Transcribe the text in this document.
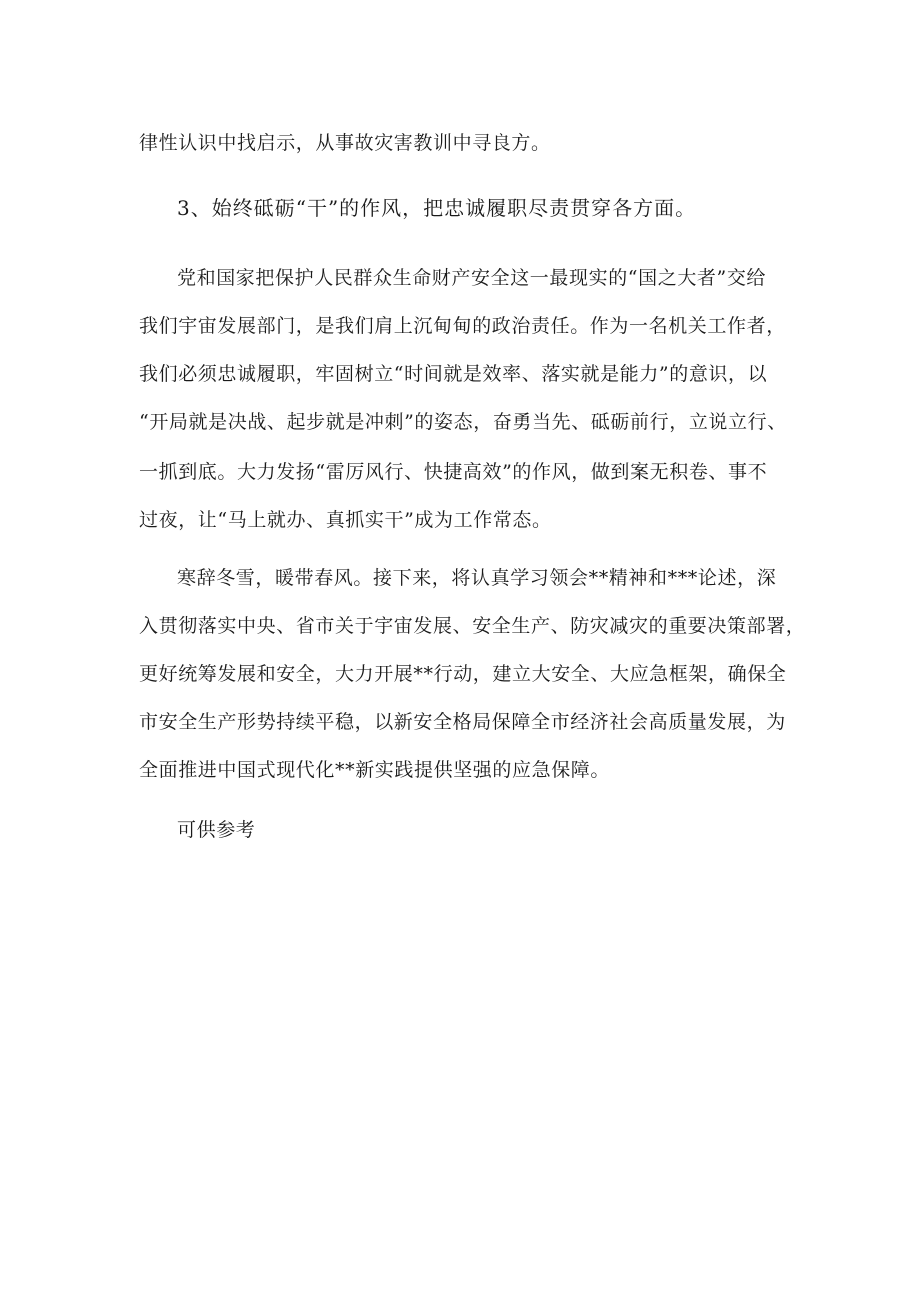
律性认识中找启示，从事故灾害教训中寻良方。
3、始终砥砺“干”的作风，把忠诚履职尽责贯穿各方面。
党和国家把保护人民群众生命财产安全这一最现实的“国之大者”交给
我们宇宙发展部门，是我们肩上沉甸甸的政治责任。作为一名机关工作者，
我们必须忠诚履职，牢固树立“时间就是效率、落实就是能力”的意识，以
“开局就是决战、起步就是冲刺”的姿态，奋勇当先、砥砺前行，立说立行、
一抓到底。大力发扬“雷厉风行、快捷高效”的作风，做到案无积卷、事不
过夜，让“马上就办、真抓实干”成为工作常态。
寒辞冬雪，暖带春风。接下来，将认真学习领会**精神和***论述，深
入贯彻落实中央、省市关于宇宙发展、安全生产、防灾减灾的重要决策部署，
更好统筹发展和安全，大力开展**行动，建立大安全、大应急框架，确保全
市安全生产形势持续平稳，以新安全格局保障全市经济社会高质量发展，为
全面推进中国式现代化**新实践提供坚强的应急保障。
可供参考
